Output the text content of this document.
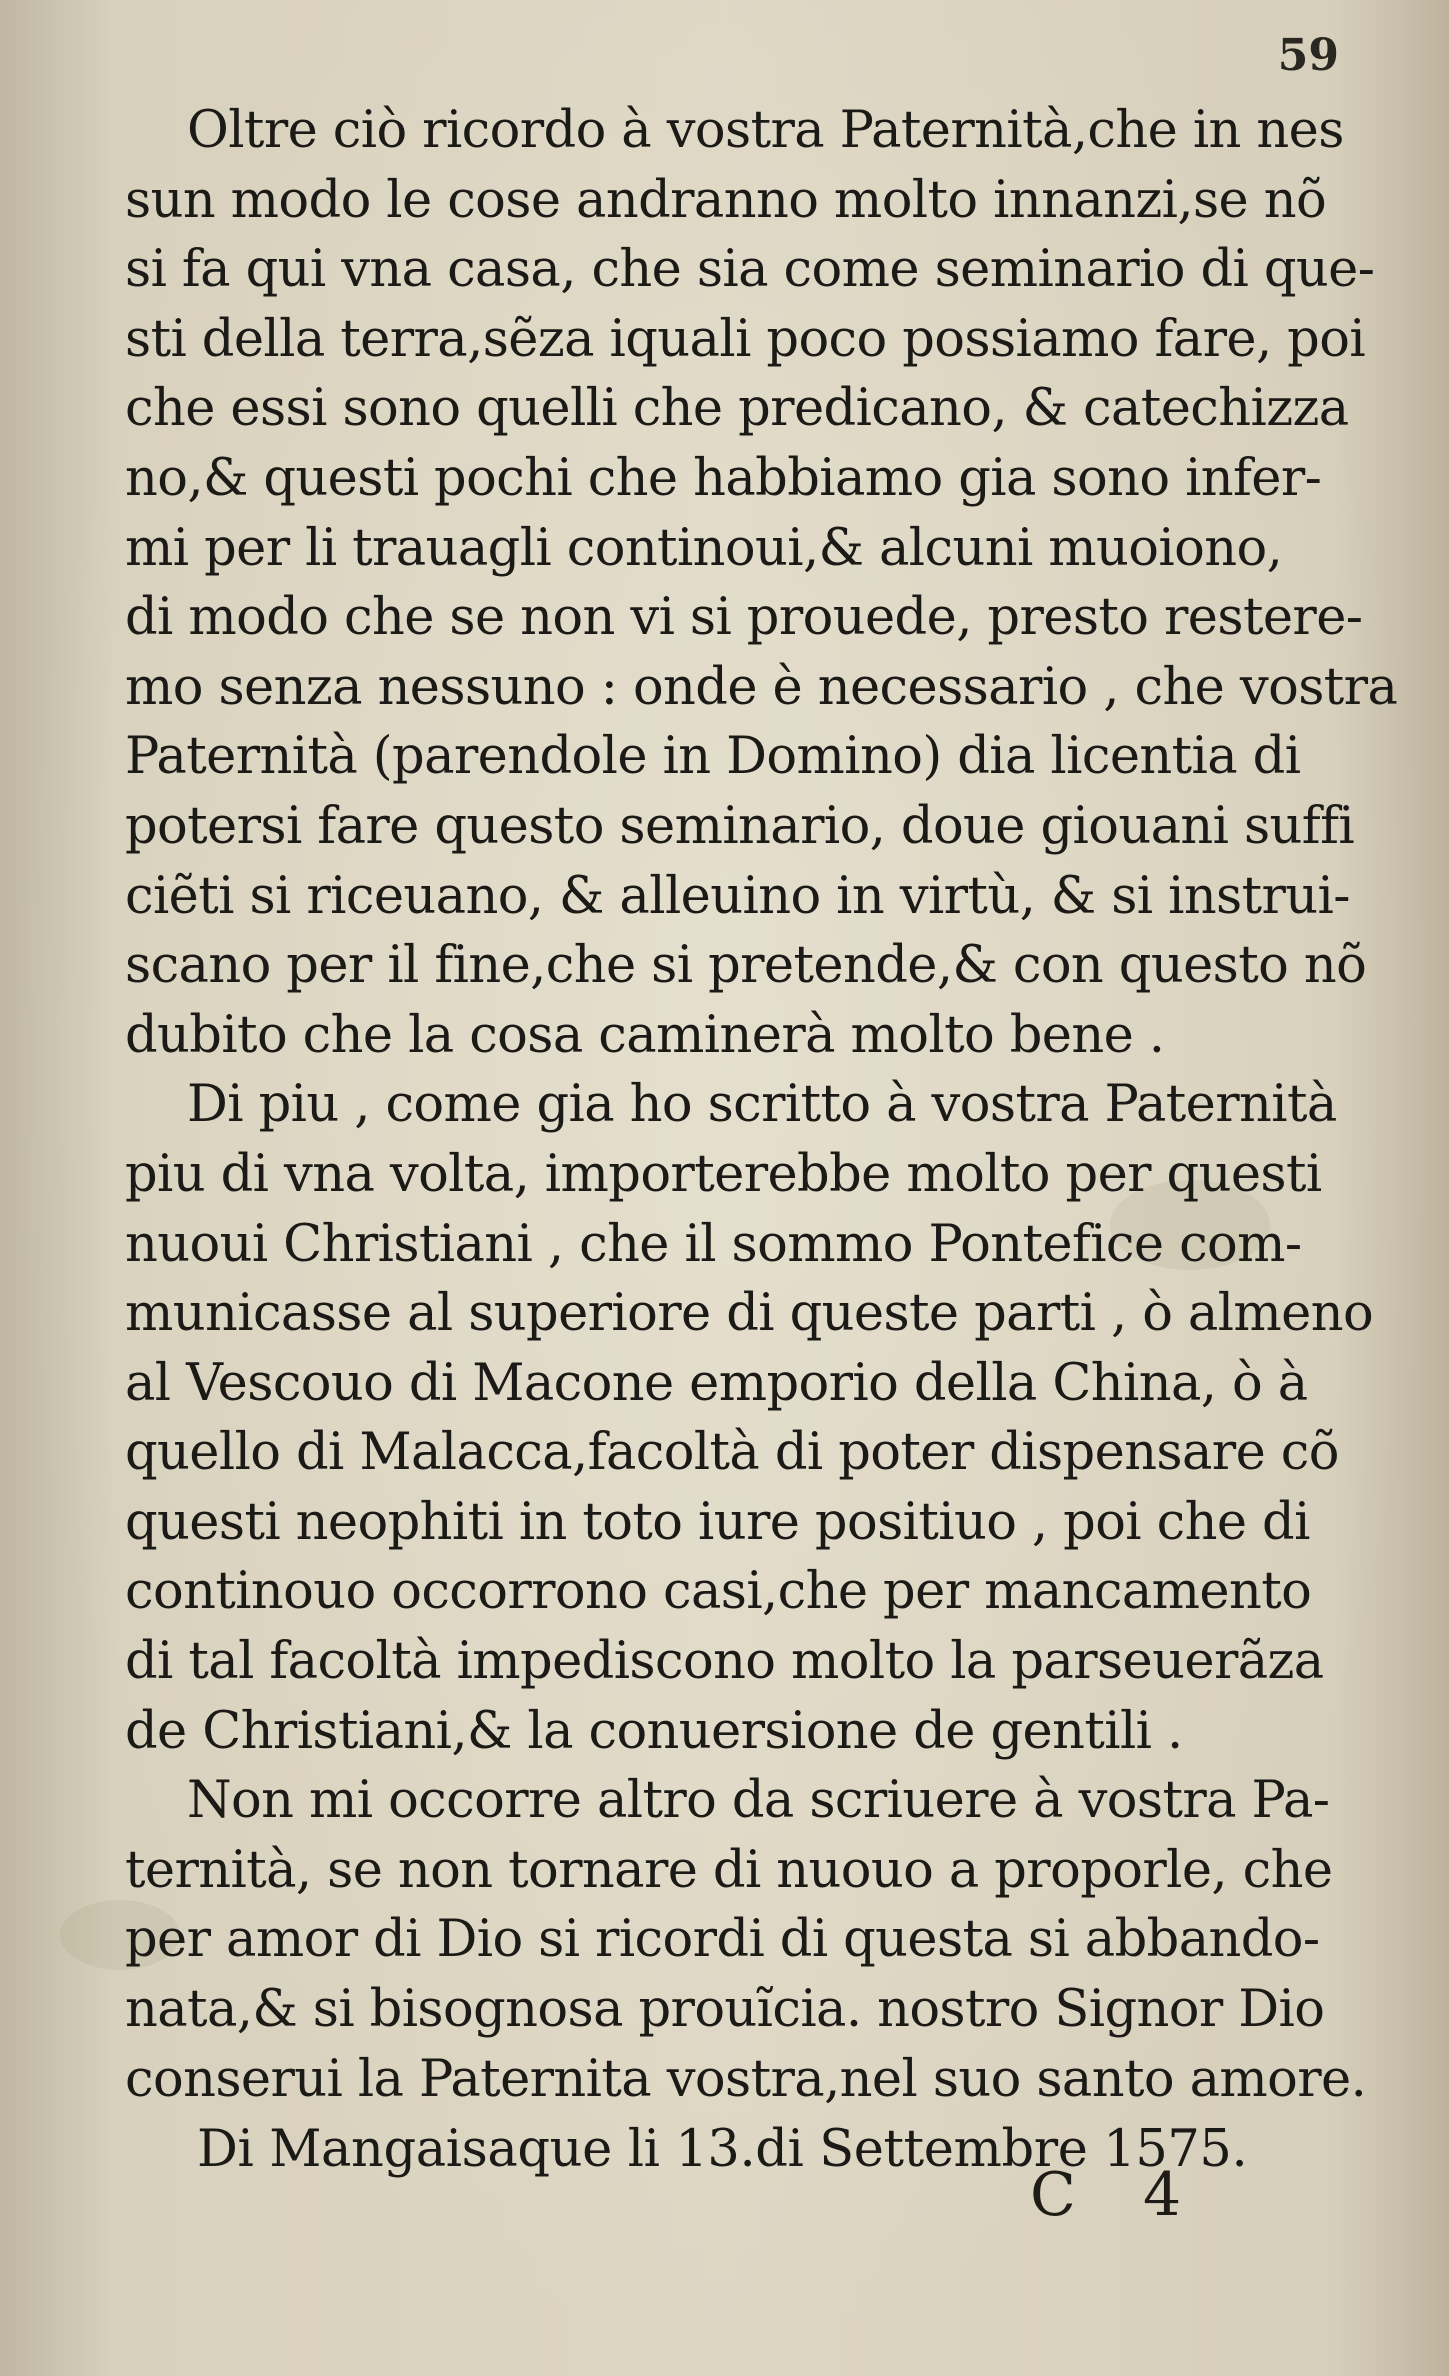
59

Oltre ciò ricordo à vostra Paternità,che in nes
sun modo le cose andranno molto innanzi,se nõ
si fa qui vna casa, che sia come seminario di que-
sti della terra,sẽza iquali poco possiamo fare, poi
che essi sono quelli che predicano, & catechizza
no,& questi pochi che habbiamo gia sono infer-
mi per li trauagli continoui,& alcuni muoiono,
di modo che se non vi si prouede, presto restere-
mo senza nessuno : onde è necessario , che vostra
Paternità (parendole in Domino) dia licentia di
potersi fare questo seminario, doue giouani suffi
ciẽti si riceuano, & alleuino in virtù, & si instrui-
scano per il fine,che si pretende,& con questo nõ
dubito che la cosa caminerà molto bene .

Di piu , come gia ho scritto à vostra Paternità
piu di vna volta, importerebbe molto per questi
nuoui Christiani , che il sommo Pontefice com-
municasse al superiore di queste parti , ò almeno
al Vescouo di Macone emporio della China, ò à
quello di Malacca,facoltà di poter dispensare cõ
questi neophiti in toto iure positiuo , poi che di
continouo occorrono casi,che per mancamento
di tal facoltà impediscono molto la parseuerãza
de Christiani,& la conuersione de gentili .

Non mi occorre altro da scriuere à vostra Pa-
ternità, se non tornare di nuouo a proporle, che
per amor di Dio si ricordi di questa si abbando-
nata,& si bisognosa prouĩcia. nostro Signor Dio
conserui la Paternita vostra,nel suo santo amore.

Di Mangaisaque li 13.di Settembre 1575.
C 4
